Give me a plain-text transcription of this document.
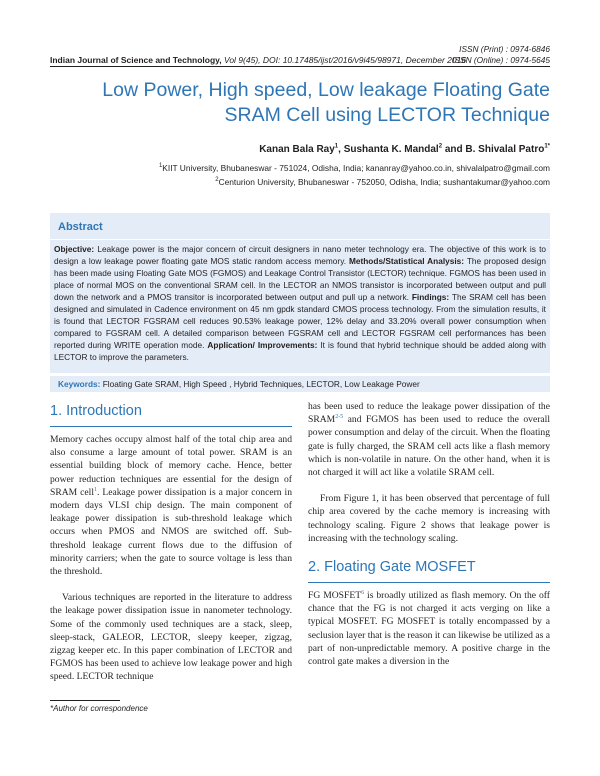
Indian Journal of Science and Technology, Vol 9(45), DOI: 10.17485/ijst/2016/v9i45/98971, December 2016
ISSN (Print) : 0974-6846
ISSN (Online) : 0974-5645
Low Power, High speed, Low leakage Floating Gate
SRAM Cell using LECTOR Technique
Kanan Bala Ray$^1$, Sushanta K. Mandal$^2$ and B. Shivalal Patro$^{1*}$
$^1$KIIT University, Bhubaneswar - 751024, Odisha, India; kananray@yahoo.co.in, shivalalpatro@gmail.com
$^2$Centurion University, Bhubaneswar - 752050, Odisha, India; sushantakumar@yahoo.com
Abstract
Objective: Leakage power is the major concern of circuit designers in nano meter technology era. The objective of this work is to design a low leakage power floating gate MOS static random access memory. Methods/Statistical Analysis: The proposed design has been made using Floating Gate MOS (FGMOS) and Leakage Control Transistor (LECTOR) technique. FGMOS has been used in place of normal MOS on the conventional SRAM cell. In the LECTOR an NMOS transistor is incorporated between output and pull down the network and a PMOS transitor is incorporated between output and pull up a network. Findings: The SRAM cell has been designed and simulated in Cadence environment on 45 nm gpdk standard CMOS process technology. From the simulation results, it is found that LECTOR FGSRAM cell reduces 90.53% leakage power, 12% delay and 33.20% overall power consumption when compared to FGSRAM cell. A detailed comparison between FGSRAM cell and LECTOR FGSRAM cell performances has been reported during WRITE operation mode. Application/ Improvements: It is found that hybrid technique should be added along with LECTOR to improve the parameters.
Keywords: Floating Gate SRAM, High Speed , Hybrid Techniques, LECTOR, Low Leakage Power
1. Introduction

Memory caches occupy almost half of the total chip area and also consume a large amount of total power. SRAM is an essential building block of memory cache. Hence, better power reduction techniques are essential for the design of SRAM cell$^1$. Leakage power dissipation is a major concern in modern days VLSI chip design. The main component of leakage power dissipation is sub-threshold leakage which occurs when PMOS and NMOS are switched off. Sub-threshold leakage current flows due to the diffusion of minority carriers; when the gate to source voltage is less than the threshold.

Various techniques are reported in the literature to address the leakage power dissipation issue in nanometer technology. Some of the commonly used techniques are a stack, sleep, sleep-stack, GALEOR, LECTOR, sleepy keeper, zigzag, zigzag keeper etc. In this paper combination of LECTOR and FGMOS has been used to achieve low leakage power and high speed. LECTOR technique

has been used to reduce the leakage power dissipation of the SRAM$^{2-5}$ and FGMOS has been used to reduce the overall power consumption and delay of the circuit. When the floating gate is fully charged, the SRAM cell acts like a flash memory which is non-volatile in nature. On the other hand, when it is not charged it will act like a volatile SRAM cell.

From Figure 1, it has been observed that percentage of full chip area covered by the cache memory is increasing with technology scaling. Figure 2 shows that leakage power is increasing with the technology scaling.

2. Floating Gate MOSFET

FG MOSFET$^6$ is broadly utilized as flash memory. On the off chance that the FG is not charged it acts verging on like a typical MOSFET. FG MOSFET is totally encompassed by a seclusion layer that is the reason it can likewise be utilized as a part of non-unpredictable memory. A positive charge in the control gate makes a diversion in the

*Author for correspondence
